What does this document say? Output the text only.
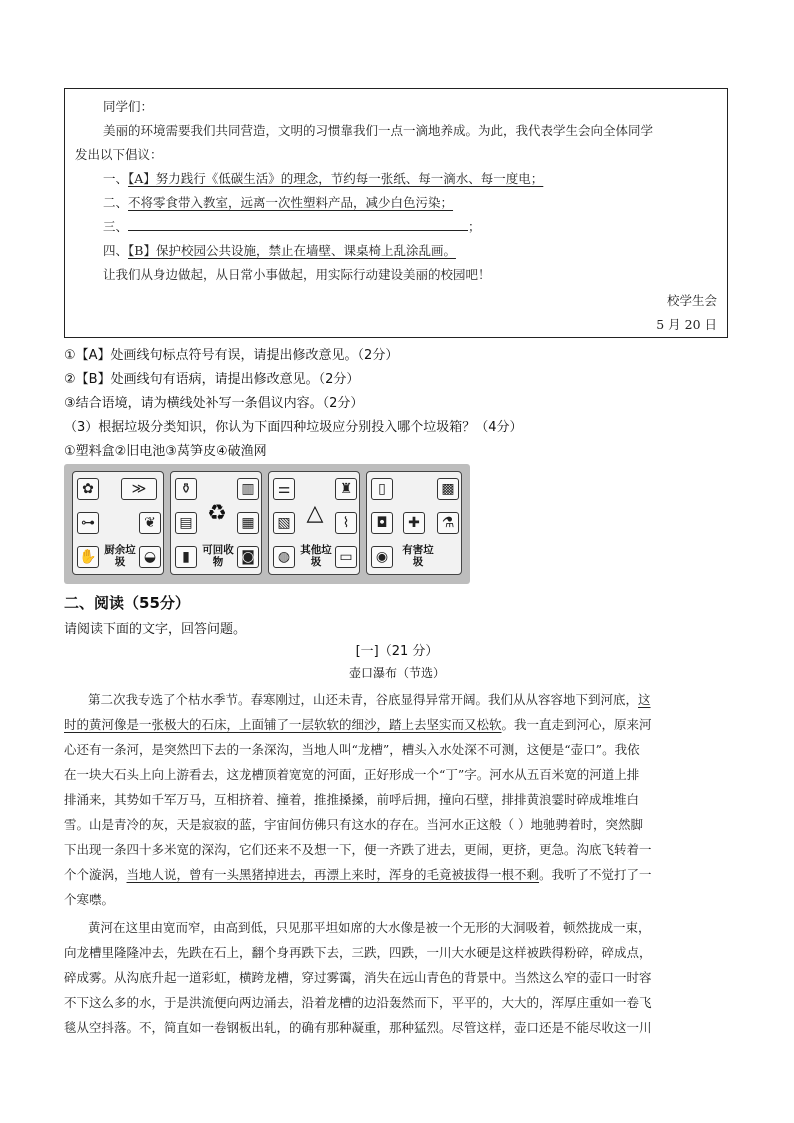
同学们：
美丽的环境需要我们共同营造，文明的习惯靠我们一点一滴地养成。为此，我代表学生会向全体同学
发出以下倡议：
一、【A】努力践行《低碳生活》的理念，节约每一张纸、每一滴水、每一度电；
二、不将零食带入教室，远离一次性塑料产品，减少白色污染；
三、	；
四、【B】保护校园公共设施，禁止在墙壁、课桌椅上乱涂乱画。
让我们从身边做起，从日常小事做起，用实际行动建设美丽的校园吧！
校学生会
5 月 20 日
①【A】处画线句标点符号有误，请提出修改意见。（2分）
②【B】处画线句有语病，请提出修改意见。（2分）
③结合语境，请为横线处补写一条倡议内容。（2分）
（3）根据垃圾分类知识，你认为下面四种垃圾应分别投入哪个垃圾箱？（4分）
①塑料盒②旧电池③莴笋皮④破渔网
✿	≫
⊶	❦
✋	◒
厨余垃圾
⚱	▥
▤ ♻	▦
▮	◙
可回收物
⚌	♜
▧ △	⌇
◍	▭
其他垃圾
▯	▩
◘	✚	⚗
◉	有害垃圾
二、阅读（55分）
请阅读下面的文字，回答问题。
[一]（21 分）
壶口瀑布（节选）
第二次我专选了个枯水季节。春寒刚过，山还未青，谷底显得异常开阔。我们从从容容地下到河底，这
时的黄河像是一张极大的石床，上面铺了一层软软的细沙，踏上去坚实而又松软。我一直走到河心，原来河
心还有一条河，是突然凹下去的一条深沟，当地人叫“龙槽”，槽头入水处深不可测，这便是“壶口”。我依
在一块大石头上向上游看去，这龙槽顶着宽宽的河面，正好形成一个“丁”字。河水从五百米宽的河道上排
排涌来，其势如千军万马，互相挤着、撞着，推推搡搡，前呼后拥，撞向石壁，排排黄浪霎时碎成堆堆白
雪。山是青冷的灰，天是寂寂的蓝，宇宙间仿佛只有这水的存在。当河水正这般（ ）地驰骋着时，突然脚
下出现一条四十多米宽的深沟，它们还来不及想一下，便一齐跌了进去，更闹，更挤，更急。沟底飞转着一
个个漩涡，当地人说，曾有一头黑猪掉进去，再漂上来时，浑身的毛竟被拔得一根不剩。我听了不觉打了一
个寒噤。
黄河在这里由宽而窄，由高到低，只见那平坦如席的大水像是被一个无形的大洞吸着，顿然拢成一束，
向龙槽里隆隆冲去，先跌在石上，翻个身再跌下去，三跌，四跌，一川大水硬是这样被跌得粉碎，碎成点，
碎成雾。从沟底升起一道彩虹，横跨龙槽，穿过雾霭，消失在远山青色的背景中。当然这么窄的壶口一时容
不下这么多的水，于是洪流便向两边涌去，沿着龙槽的边沿轰然而下，平平的，大大的，浑厚庄重如一卷飞
毯从空抖落。不，简直如一卷钢板出轧，的确有那种凝重，那种猛烈。尽管这样，壶口还是不能尽收这一川
